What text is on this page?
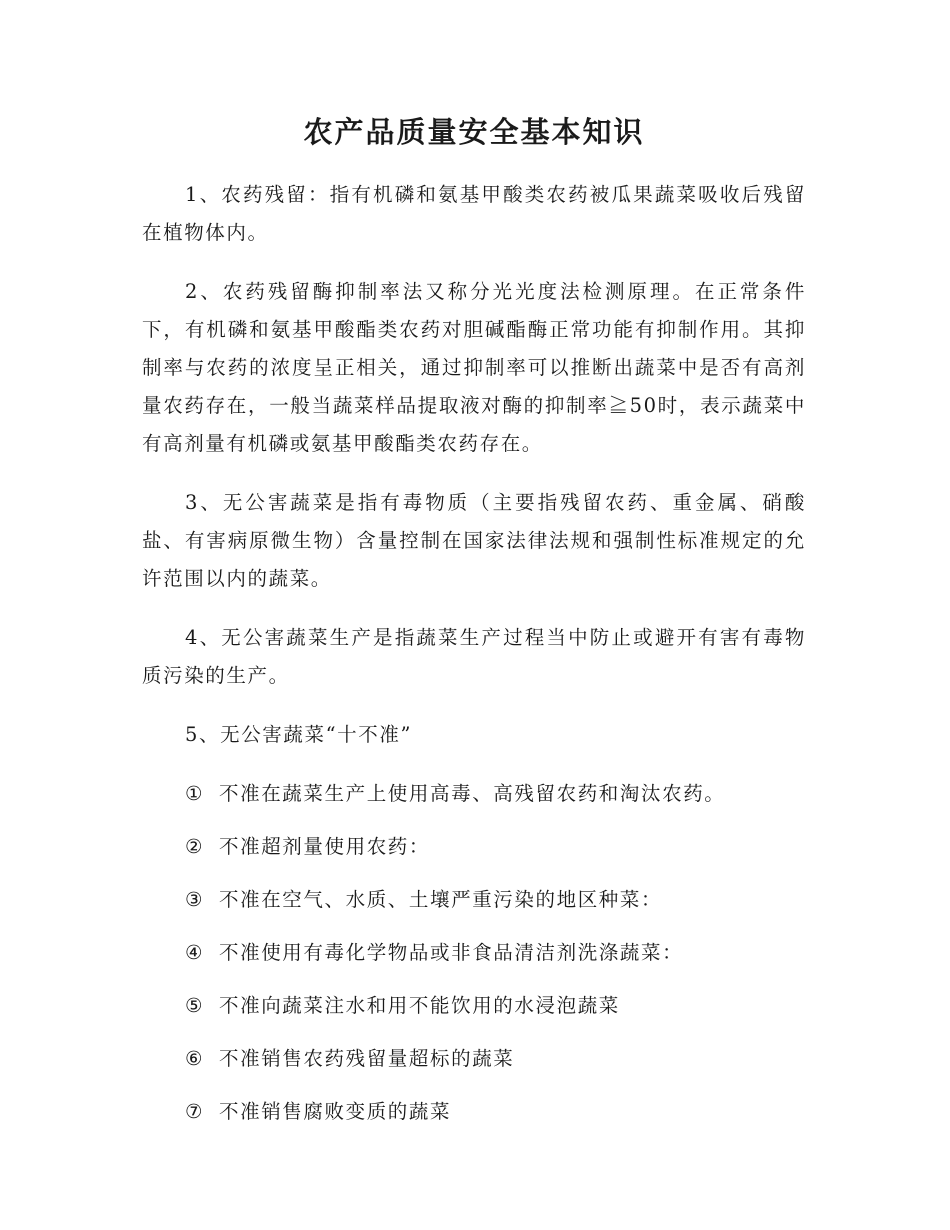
农产品质量安全基本知识

1、农药残留：指有机磷和氨基甲酸类农药被瓜果蔬菜吸收后残留在植物体内。

2、农药残留酶抑制率法又称分光光度法检测原理。在正常条件下，有机磷和氨基甲酸酯类农药对胆碱酯酶正常功能有抑制作用。其抑制率与农药的浓度呈正相关，通过抑制率可以推断出蔬菜中是否有高剂量农药存在，一般当蔬菜样品提取液对酶的抑制率≧50时，表示蔬菜中有高剂量有机磷或氨基甲酸酯类农药存在。

3、无公害蔬菜是指有毒物质（主要指残留农药、重金属、硝酸盐、有害病原微生物）含量控制在国家法律法规和强制性标准规定的允许范围以内的蔬菜。

4、无公害蔬菜生产是指蔬菜生产过程当中防止或避开有害有毒物质污染的生产。

5、无公害蔬菜“十不准”

① 不准在蔬菜生产上使用高毒、高残留农药和淘汰农药。
② 不准超剂量使用农药：
③ 不准在空气、水质、土壤严重污染的地区种菜：
④ 不准使用有毒化学物品或非食品清洁剂洗涤蔬菜：
⑤ 不准向蔬菜注水和用不能饮用的水浸泡蔬菜
⑥ 不准销售农药残留量超标的蔬菜
⑦ 不准销售腐败变质的蔬菜
